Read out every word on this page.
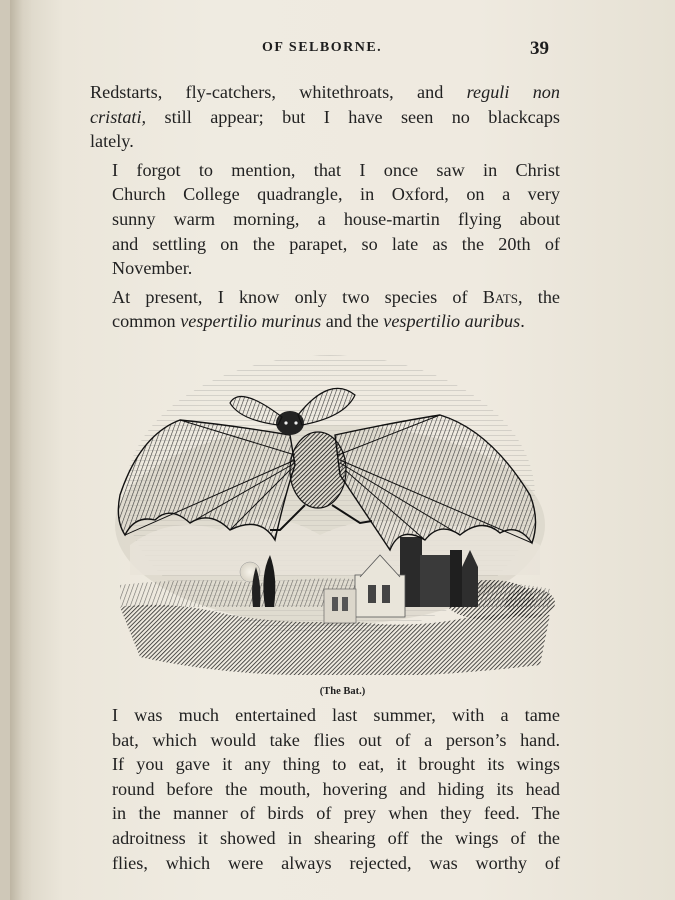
OF SELBORNE.	39
Redstarts, fly-catchers, whitethroats, and reguli non
cristati, still appear; but I have seen no blackcaps
lately.
I forgot to mention, that I once saw in Christ
Church College quadrangle, in Oxford, on a very
sunny warm morning, a house-martin flying about
and settling on the parapet, so late as the 20th of
November.
At present, I know only two species of Bats, the
common vespertilio murinus and the vespertilio auribus.
(The Bat.)
I was much entertained last summer, with a tame
bat, which would take flies out of a person’s hand.
If you gave it any thing to eat, it brought its wings
round before the mouth, hovering and hiding its head
in the manner of birds of prey when they feed. The
adroitness it showed in shearing off the wings of the
flies, which were always rejected, was worthy of
